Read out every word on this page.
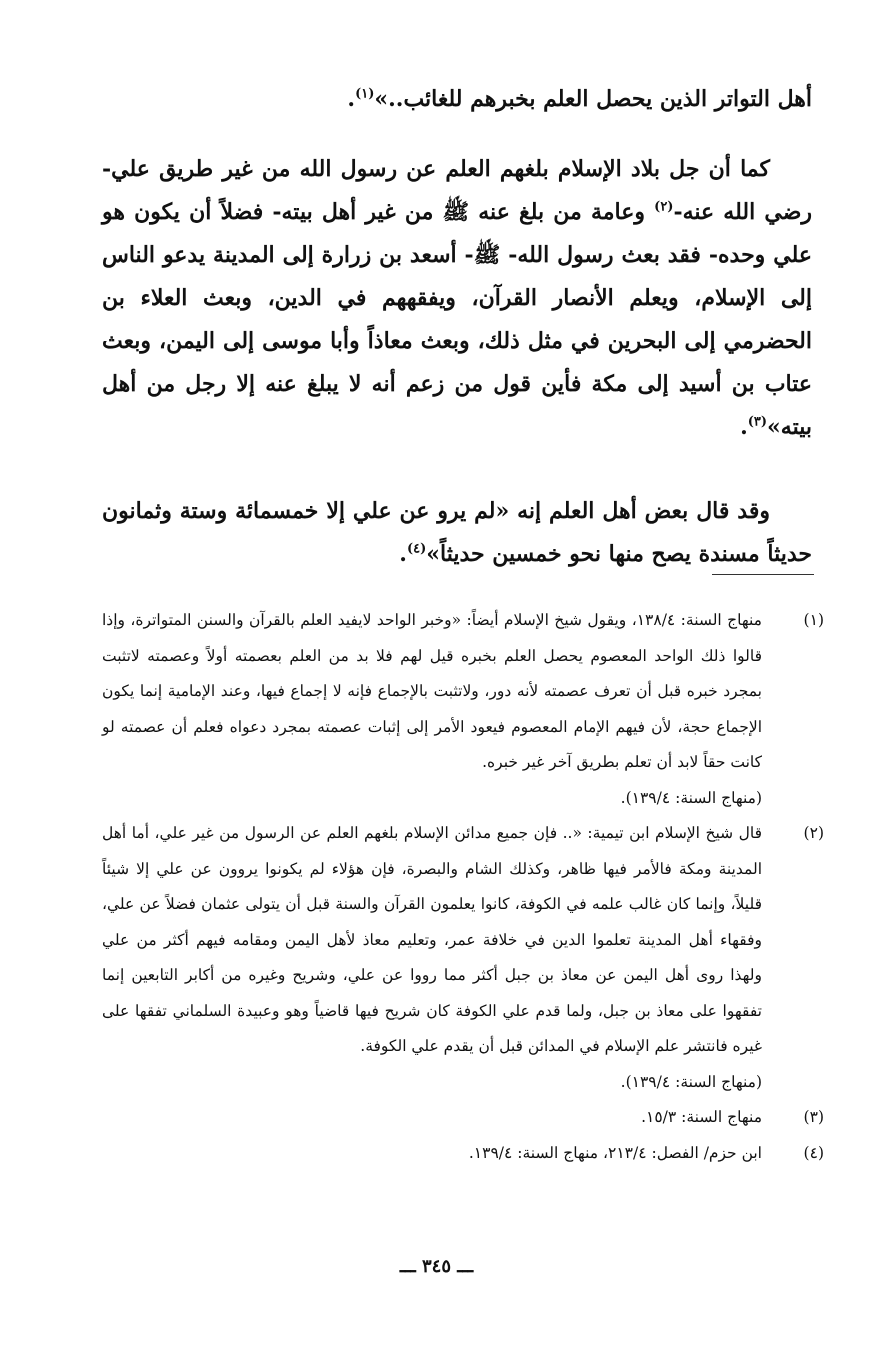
أهل التواتر الذين يحصل العلم بخبرهم للغائب..»$^{(١)}$.

كما أن جل بلاد الإسلام بلغهم العلم عن رسول الله من غير طريق علي- رضي الله عنه-$^{(٢)}$ وعامة من بلغ عنه ﷺ من غير أهل بيته- فضلاً أن يكون هو علي وحده- فقد بعث رسول الله- ﷺ- أسعد بن زرارة إلى المدينة يدعو الناس إلى الإسلام، ويعلم الأنصار القرآن، ويفقههم في الدين، وبعث العلاء بن الحضرمي إلى البحرين في مثل ذلك، وبعث معاذاً وأبا موسى إلى اليمن، وبعث عتاب بن أسيد إلى مكة فأين قول من زعم أنه لا يبلغ عنه إلا رجل من أهل بيته»$^{(٣)}$.

وقد قال بعض أهل العلم إنه «لم يرو عن علي إلا خمسمائة وستة وثمانون حديثاً مسندة يصح منها نحو خمسين حديثاً»$^{(٤)}$.

(١)
منهاج السنة: ١٣٨/٤، ويقول شيخ الإسلام أيضاً: «وخبر الواحد لايفيد العلم بالقرآن والسنن المتواترة، وإذا قالوا ذلك الواحد المعصوم يحصل العلم بخبره قيل لهم فلا بد من العلم بعصمته أولاً وعصمته لاتثبت بمجرد خبره قبل أن تعرف عصمته لأنه دور، ولاتثبت بالإجماع فإنه لا إجماع فيها، وعند الإمامية إنما يكون الإجماع حجة، لأن فيهم الإمام المعصوم فيعود الأمر إلى إثبات عصمته بمجرد دعواه فعلم أن عصمته لو كانت حقاً لابد أن تعلم بطريق آخر غير خبره.
(منهاج السنة: ١٣٩/٤).
(٢)
قال شيخ الإسلام ابن تيمية: «.. فإن جميع مدائن الإسلام بلغهم العلم عن الرسول من غير علي، أما أهل المدينة ومكة فالأمر فيها ظاهر، وكذلك الشام والبصرة، فإن هؤلاء لم يكونوا يروون عن علي إلا شيئاً قليلاً، وإنما كان غالب علمه في الكوفة، كانوا يعلمون القرآن والسنة قبل أن يتولى عثمان فضلاً عن علي، وفقهاء أهل المدينة تعلموا الدين في خلافة عمر، وتعليم معاذ لأهل اليمن ومقامه فيهم أكثر من علي ولهذا روى أهل اليمن عن معاذ بن جبل أكثر مما رووا عن علي، وشريح وغيره من أكابر التابعين إنما تفقهوا على معاذ بن جبل، ولما قدم علي الكوفة كان شريح فيها قاضياً وهو وعبيدة السلماني تفقها على غيره فانتشر علم الإسلام في المدائن قبل أن يقدم علي الكوفة.
(منهاج السنة: ١٣٩/٤).
(٣)
منهاج السنة: ١٥/٣.
(٤)
ابن حزم/ الفصل: ٢١٣/٤، منهاج السنة: ١٣٩/٤.
ـــ ٣٤٥ ـــ
